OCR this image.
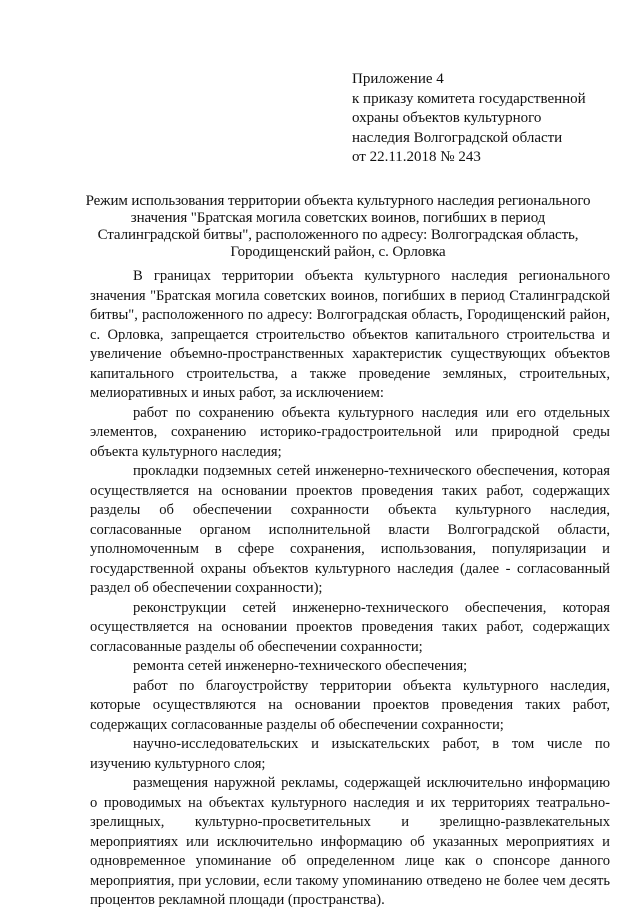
Приложение 4
к приказу комитета государственной
охраны объектов культурного
наследия Волгоградской области
от 22.11.2018 № 243
Режим использования территории объекта культурного наследия регионального
значения "Братская могила советских воинов, погибших в период
Сталинградской битвы", расположенного по адресу: Волгоградская область,
Городищенский район, с. Орловка

В границах территории объекта культурного наследия регионального значения "Братская могила советских воинов, погибших в период Сталинградской битвы", расположенного по адресу: Волгоградская область, Городищенский район, с. Орловка, запрещается строительство объектов капитального строительства и увеличение объемно-пространственных характеристик существующих объектов капитального строительства, а также проведение земляных, строительных, мелиоративных и иных работ, за исключением:

работ по сохранению объекта культурного наследия или его отдельных элементов, сохранению историко-градостроительной или природной среды объекта культурного наследия;

прокладки подземных сетей инженерно-технического обеспечения, которая осуществляется на основании проектов проведения таких работ, содержащих разделы об обеспечении сохранности объекта культурного наследия, согласованные органом исполнительной власти Волгоградской области, уполномоченным в сфере сохранения, использования, популяризации и государственной охраны объектов культурного наследия (далее - согласованный раздел об обеспечении сохранности);

реконструкции сетей инженерно-технического обеспечения, которая осуществляется на основании проектов проведения таких работ, содержащих согласованные разделы об обеспечении сохранности;

ремонта сетей инженерно-технического обеспечения;

работ по благоустройству территории объекта культурного наследия, которые осуществляются на основании проектов проведения таких работ, содержащих согласованные разделы об обеспечении сохранности;

научно-исследовательских и изыскательских работ, в том числе по изучению культурного слоя;

размещения наружной рекламы, содержащей исключительно информацию о проводимых на объектах культурного наследия и их территориях театрально-зрелищных, культурно-просветительных и зрелищно-развлекательных мероприятиях или исключительно информацию об указанных мероприятиях и одновременное упоминание об определенном лице как о спонсоре данного мероприятия, при условии, если такому упоминанию отведено не более чем десять процентов рекламной площади (пространства).
